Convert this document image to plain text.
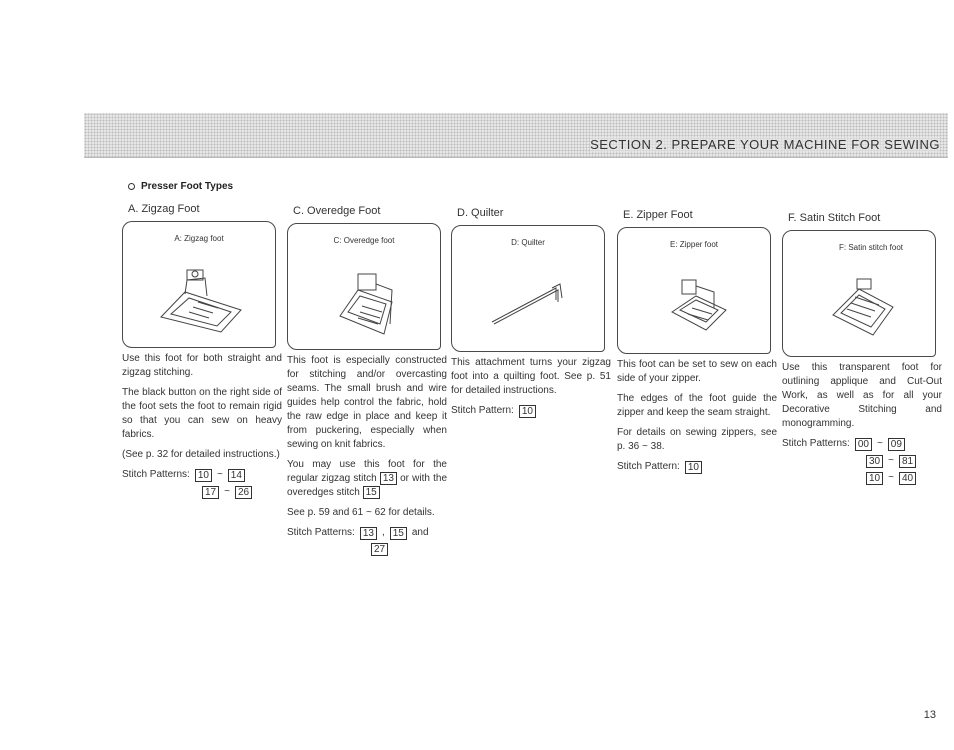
SECTION 2. PREPARE YOUR MACHINE FOR SEWING
Presser Foot Types
A. Zigzag Foot
A: Zigzag foot

Use this foot for both straight and zigzag stitching.

The black button on the right side of the foot sets the foot to remain rigid so that you can sew on heavy fabrics.

(See p. 32 for detailed instructions.)

Stitch Patterns: 10 ~ 14
17 ~ 26
C. Overedge Foot
C: Overedge foot

This foot is especially constructed for stitching and/or overcasting seams. The small brush and wire guides help control the fabric, hold the raw edge in place and keep it from puckering, especially when sewing on knit fabrics.

You may use this foot for the regular zigzag stitch 13 or with the overedges stitch 15

See p. 59 and 61 ~ 62 for details.

Stitch Patterns: 13 , 15 and
27
D. Quilter
D: Quilter

This attachment turns your zigzag foot into a quilting foot. See p. 51 for detailed instructions.

Stitch Pattern: 10
E. Zipper Foot
E: Zipper foot

This foot can be set to sew on each side of your zipper.

The edges of the foot guide the zipper and keep the seam straight.

For details on sewing zippers, see p. 36 ~ 38.

Stitch Pattern: 10
F. Satin Stitch Foot
F: Satin stitch foot

Use this transparent foot for outlining applique and Cut-Out Work, as well as for all your Decorative Stitching and monogramming.

Stitch Patterns: 00 ~ 09
30 ~ 81
10 ~ 40
13
